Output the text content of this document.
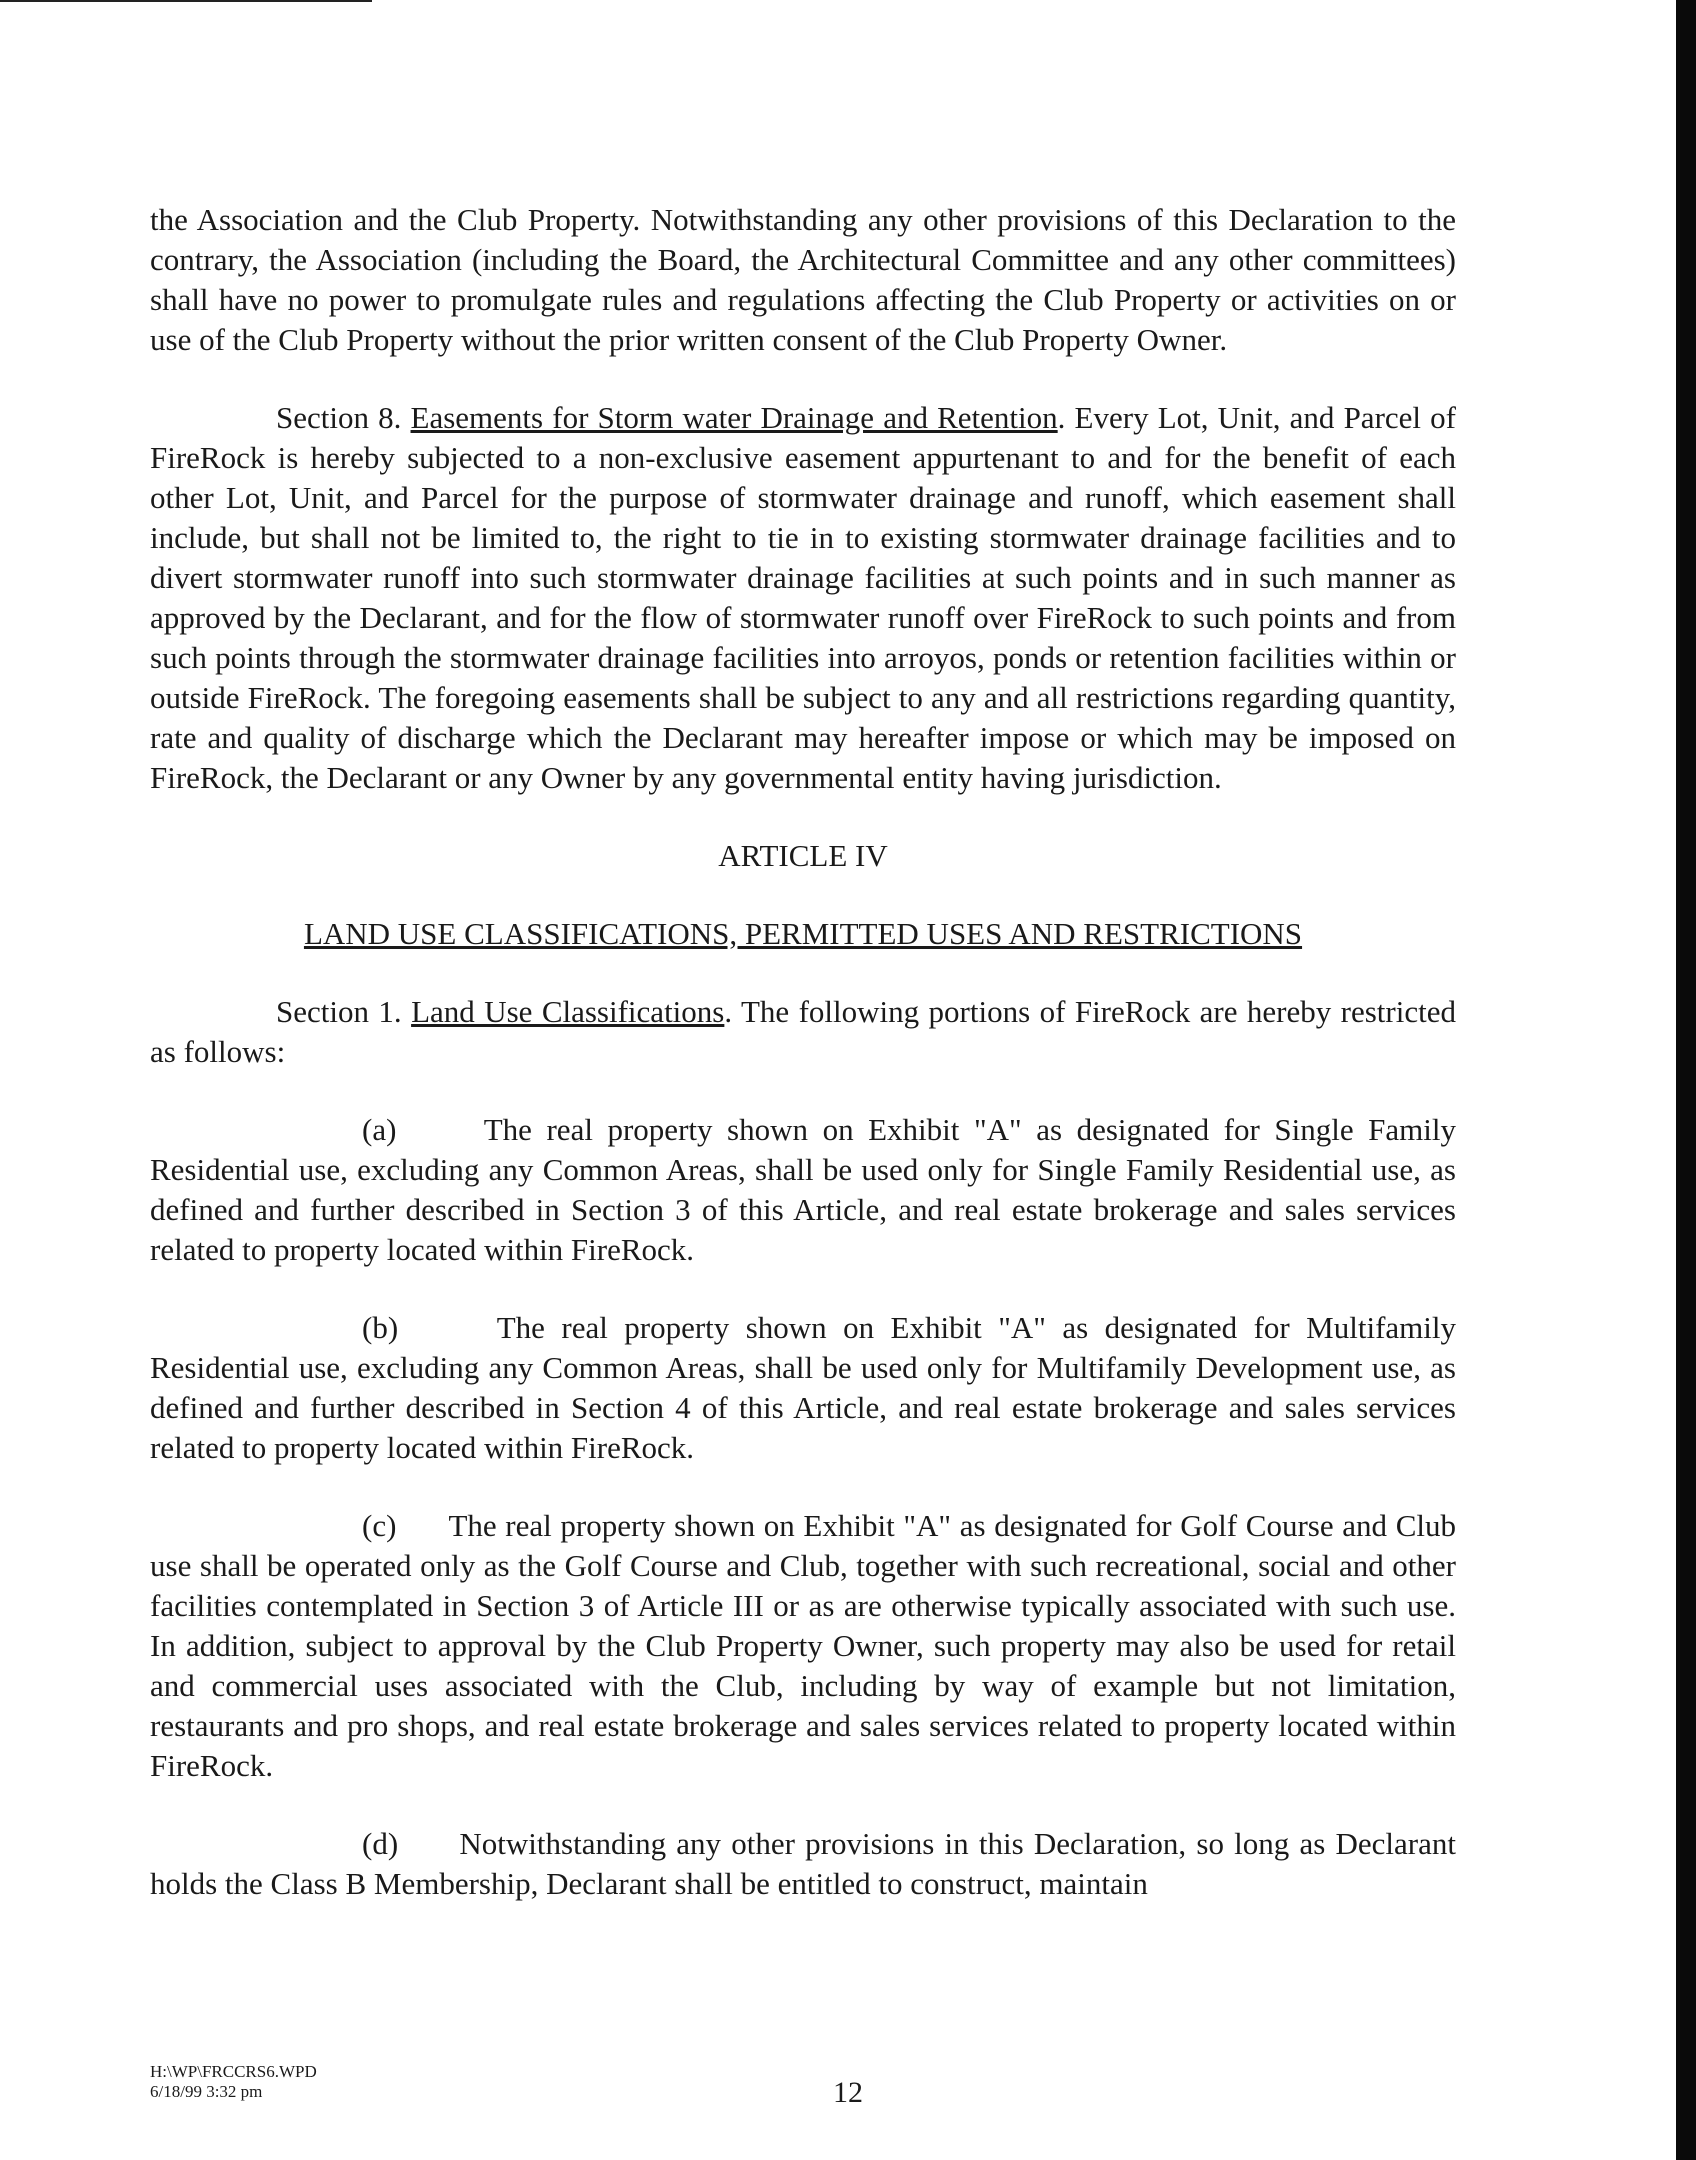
the Association and the Club Property. Notwithstanding any other provisions of this Declaration to the contrary, the Association (including the Board, the Architectural Committee and any other committees) shall have no power to promulgate rules and regulations affecting the Club Property or activities on or use of the Club Property without the prior written consent of the Club Property Owner.

Section 8. Easements for Storm water Drainage and Retention. Every Lot, Unit, and Parcel of FireRock is hereby subjected to a non-exclusive easement appurtenant to and for the benefit of each other Lot, Unit, and Parcel for the purpose of stormwater drainage and runoff, which easement shall include, but shall not be limited to, the right to tie in to existing stormwater drainage facilities and to divert stormwater runoff into such stormwater drainage facilities at such points and in such manner as approved by the Declarant, and for the flow of stormwater runoff over FireRock to such points and from such points through the stormwater drainage facilities into arroyos, ponds or retention facilities within or outside FireRock. The foregoing easements shall be subject to any and all restrictions regarding quantity, rate and quality of discharge which the Declarant may hereafter impose or which may be imposed on FireRock, the Declarant or any Owner by any governmental entity having jurisdiction.

ARTICLE IV

LAND USE CLASSIFICATIONS, PERMITTED USES AND RESTRICTIONS

Section 1. Land Use Classifications. The following portions of FireRock are hereby restricted as follows:

(a)	The real property shown on Exhibit "A" as designated for Single Family Residential use, excluding any Common Areas, shall be used only for Single Family Residential use, as defined and further described in Section 3 of this Article, and real estate brokerage and sales services related to property located within FireRock.

(b)	The real property shown on Exhibit "A" as designated for Multifamily Residential use, excluding any Common Areas, shall be used only for Multifamily Development use, as defined and further described in Section 4 of this Article, and real estate brokerage and sales services related to property located within FireRock.

(c) The real property shown on Exhibit "A" as designated for Golf Course and Club use shall be operated only as the Golf Course and Club, together with such recreational, social and other facilities contemplated in Section 3 of Article III or as are otherwise typically associated with such use. In addition, subject to approval by the Club Property Owner, such property may also be used for retail and commercial uses associated with the Club, including by way of example but not limitation, restaurants and pro shops, and real estate brokerage and sales services related to property located within FireRock.

(d) Notwithstanding any other provisions in this Declaration, so long as Declarant holds the Class B Membership, Declarant shall be entitled to construct, maintain

H:\WP\FRCCRS6.WPD
6/18/99 3:32 pm	12
